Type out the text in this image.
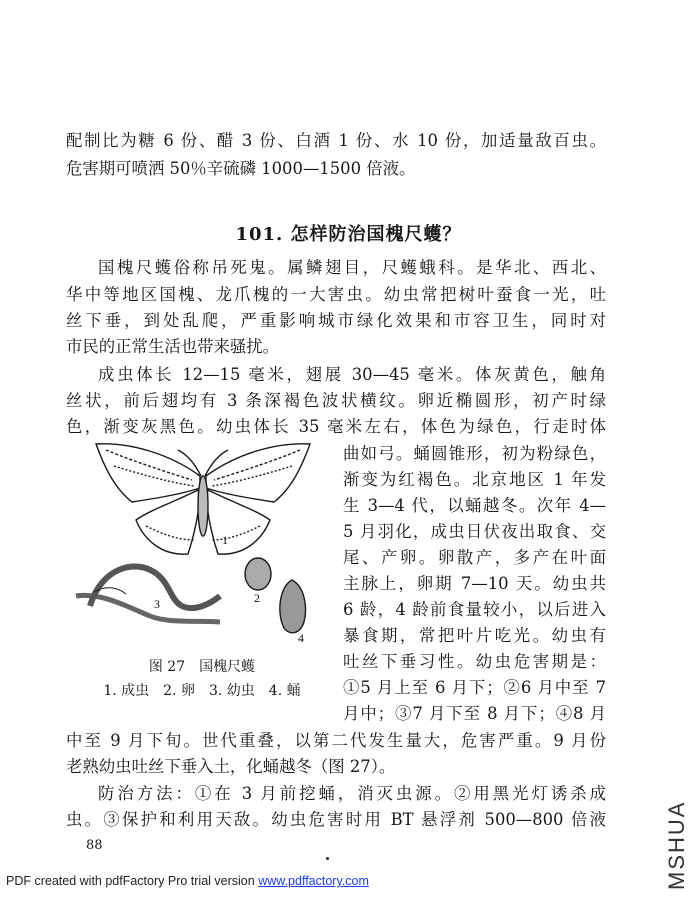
配制比为糖 6 份、醋 3 份、白酒 1 份、水 10 份，加适量敌百虫。

危害期可喷洒 50％辛硫磷 1000—1500 倍液。

101. 怎样防治国槐尺蠖？

国槐尺蠖俗称吊死鬼。属鳞翅目，尺蠖蛾科。是华北、西北、

华中等地区国槐、龙爪槐的一大害虫。幼虫常把树叶蚕食一光，吐

丝下垂，到处乱爬，严重影响城市绿化效果和市容卫生，同时对

市民的正常生活也带来骚扰。

成虫体长 12—15 毫米，翅展 30—45 毫米。体灰黄色，触角

丝状，前后翅均有 3 条深褐色波状横纹。卵近椭圆形，初产时绿

色，渐变灰黑色。幼虫体长 35 毫米左右，体色为绿色，行走时体

曲如弓。蛹圆锥形，初为粉绿色，

渐变为红褐色。北京地区 1 年发

生 3—4 代，以蛹越冬。次年 4—

5 月羽化，成虫日伏夜出取食、交

尾、产卵。卵散产，多产在叶面

主脉上，卵期 7—10 天。幼虫共

6 龄，4 龄前食量较小，以后进入

暴食期，常把叶片吃光。幼虫有

吐丝下垂习性。幼虫危害期是：

①5 月上至 6 月下；②6 月中至 7

月中；③7 月下至 8 月下；④8 月

中至 9 月下旬。世代重叠，以第二代发生量大，危害严重。9 月份

老熟幼虫吐丝下垂入土，化蛹越冬（图 27）。

防治方法：①在 3 月前挖蛹，消灭虫源。②用黑光灯诱杀成

虫。③保护和利用天敌。幼虫危害时用 BT 悬浮剂 500—800 倍液

1
2
3
4
图 27　国槐尺蠖
1. 成虫　2. 卵　3. 幼虫　4. 蛹
88
PDF created with pdfFactory Pro trial version www.pdffactory.com	MSHUA
